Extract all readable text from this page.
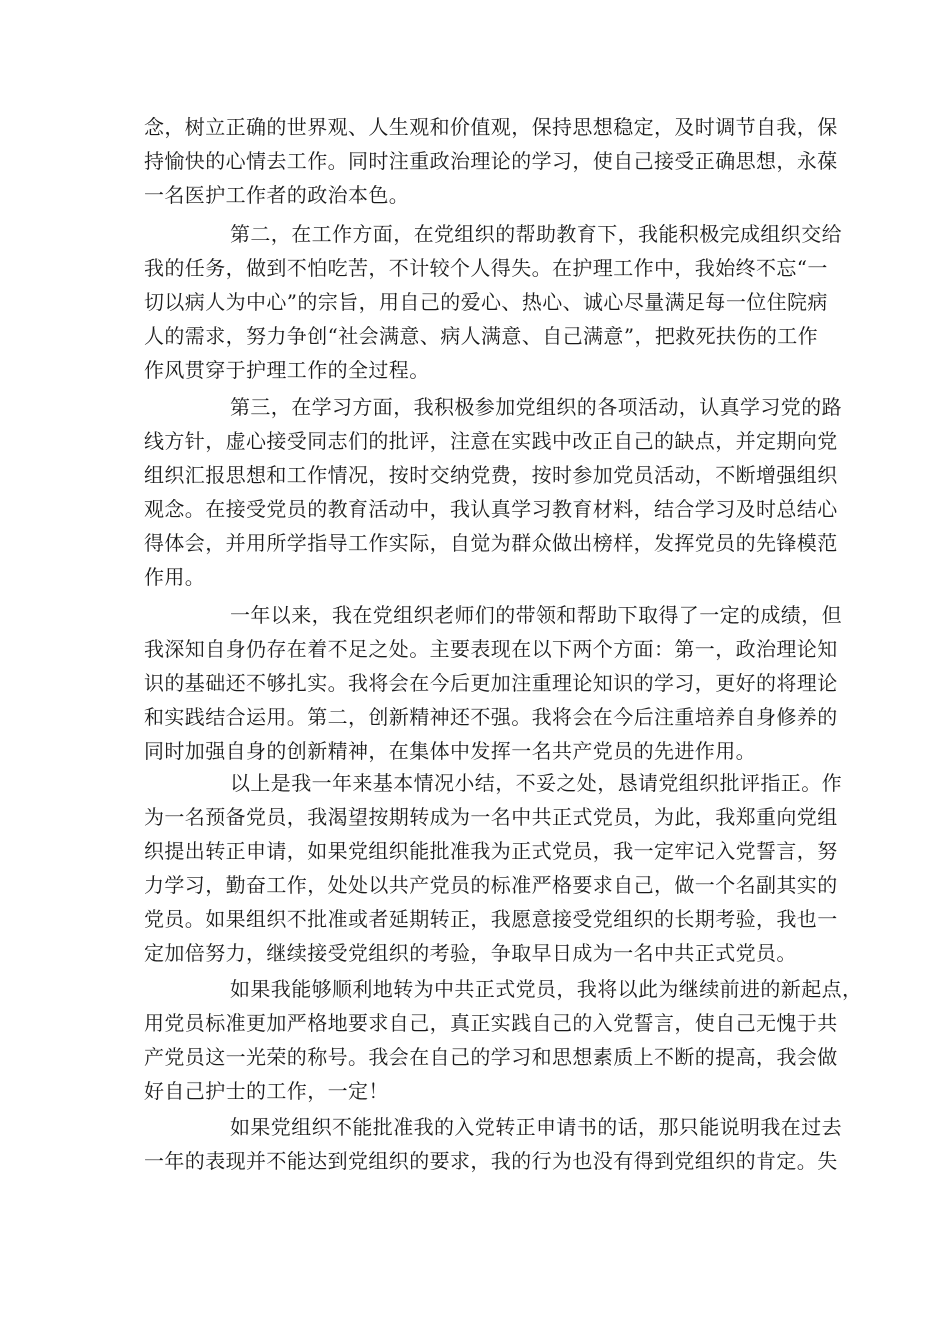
念，树立正确的世界观、人生观和价值观，保持思想稳定，及时调节自我，保
持愉快的心情去工作。同时注重政治理论的学习，使自己接受正确思想，永葆
一名医护工作者的政治本色。
第二，在工作方面，在党组织的帮助教育下，我能积极完成组织交给
我的任务，做到不怕吃苦，不计较个人得失。在护理工作中，我始终不忘“一
切以病人为中心”的宗旨，用自己的爱心、热心、诚心尽量满足每一位住院病
人的需求，努力争创“社会满意、病人满意、自己满意”，把救死扶伤的工作
作风贯穿于护理工作的全过程。
第三，在学习方面，我积极参加党组织的各项活动，认真学习党的路
线方针，虚心接受同志们的批评，注意在实践中改正自己的缺点，并定期向党
组织汇报思想和工作情况，按时交纳党费，按时参加党员活动，不断增强组织
观念。在接受党员的教育活动中，我认真学习教育材料，结合学习及时总结心
得体会，并用所学指导工作实际，自觉为群众做出榜样，发挥党员的先锋模范
作用。
一年以来，我在党组织老师们的带领和帮助下取得了一定的成绩，但
我深知自身仍存在着不足之处。主要表现在以下两个方面：第一，政治理论知
识的基础还不够扎实。我将会在今后更加注重理论知识的学习，更好的将理论
和实践结合运用。第二，创新精神还不强。我将会在今后注重培养自身修养的
同时加强自身的创新精神，在集体中发挥一名共产党员的先进作用。
以上是我一年来基本情况小结，不妥之处，恳请党组织批评指正。作
为一名预备党员，我渴望按期转成为一名中共正式党员，为此，我郑重向党组
织提出转正申请，如果党组织能批准我为正式党员，我一定牢记入党誓言，努
力学习，勤奋工作，处处以共产党员的标准严格要求自己，做一个名副其实的
党员。如果组织不批准或者延期转正，我愿意接受党组织的长期考验，我也一
定加倍努力，继续接受党组织的考验，争取早日成为一名中共正式党员。
如果我能够顺利地转为中共正式党员，我将以此为继续前进的新起点，
用党员标准更加严格地要求自己，真正实践自己的入党誓言，使自己无愧于共
产党员这一光荣的称号。我会在自己的学习和思想素质上不断的提高，我会做
好自己护士的工作，一定！
如果党组织不能批准我的入党转正申请书的话，那只能说明我在过去
一年的表现并不能达到党组织的要求，我的行为也没有得到党组织的肯定。失
